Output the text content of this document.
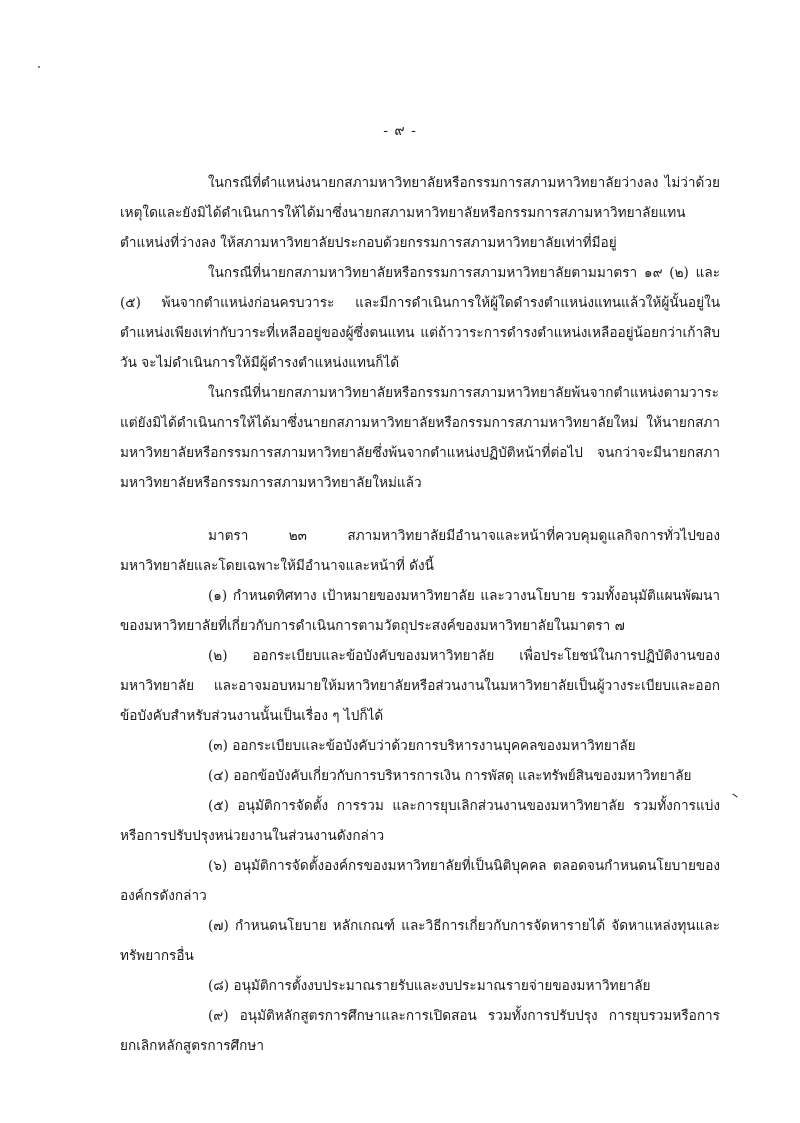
- ๙ -

ในกรณีที่ตำแหน่งนายกสภามหาวิทยาลัยหรือกรรมการสภามหาวิทยาลัยว่างลง ไม่ว่าด้วยเหตุใดและยังมิได้ดำเนินการให้ได้มาซึ่งนายกสภามหาวิทยาลัยหรือกรรมการสภามหาวิทยาลัยแทนตำแหน่งที่ว่างลง ให้สภามหาวิทยาลัยประกอบด้วยกรรมการสภามหาวิทยาลัยเท่าที่มีอยู่

ในกรณีที่นายกสภามหาวิทยาลัยหรือกรรมการสภามหาวิทยาลัยตามมาตรา ๑๙ (๒) และ (๕) พ้นจากตำแหน่งก่อนครบวาระ และมีการดำเนินการให้ผู้ใดดำรงตำแหน่งแทนแล้วให้ผู้นั้นอยู่ในตำแหน่งเพียงเท่ากับวาระที่เหลืออยู่ของผู้ซึ่งตนแทน แต่ถ้าวาระการดำรงตำแหน่งเหลืออยู่น้อยกว่าเก้าสิบวัน จะไม่ดำเนินการให้มีผู้ดำรงตำแหน่งแทนก็ได้

ในกรณีที่นายกสภามหาวิทยาลัยหรือกรรมการสภามหาวิทยาลัยพ้นจากตำแหน่งตามวาระแต่ยังมิได้ดำเนินการให้ได้มาซึ่งนายกสภามหาวิทยาลัยหรือกรรมการสภามหาวิทยาลัยใหม่ ให้นายกสภามหาวิทยาลัยหรือกรรมการสภามหาวิทยาลัยซึ่งพ้นจากตำแหน่งปฏิบัติหน้าที่ต่อไป จนกว่าจะมีนายกสภามหาวิทยาลัยหรือกรรมการสภามหาวิทยาลัยใหม่แล้ว

มาตรา ๒๓ สภามหาวิทยาลัยมีอำนาจและหน้าที่ควบคุมดูแลกิจการทั่วไปของมหาวิทยาลัยและโดยเฉพาะให้มีอำนาจและหน้าที่ ดังนี้

(๑) กำหนดทิศทาง เป้าหมายของมหาวิทยาลัย และวางนโยบาย รวมทั้งอนุมัติแผนพัฒนาของมหาวิทยาลัยที่เกี่ยวกับการดำเนินการตามวัตถุประสงค์ของมหาวิทยาลัยในมาตรา ๗

(๒) ออกระเบียบและข้อบังคับของมหาวิทยาลัย เพื่อประโยชน์ในการปฏิบัติงานของมหาวิทยาลัย และอาจมอบหมายให้มหาวิทยาลัยหรือส่วนงานในมหาวิทยาลัยเป็นผู้วางระเบียบและออกข้อบังคับสำหรับส่วนงานนั้นเป็นเรื่อง ๆ ไปก็ได้

(๓) ออกระเบียบและข้อบังคับว่าด้วยการบริหารงานบุคคลของมหาวิทยาลัย

(๔) ออกข้อบังคับเกี่ยวกับการบริหารการเงิน การพัสดุ และทรัพย์สินของมหาวิทยาลัย

(๕) อนุมัติการจัดตั้ง การรวม และการยุบเลิกส่วนงานของมหาวิทยาลัย รวมทั้งการแบ่งหรือการปรับปรุงหน่วยงานในส่วนงานดังกล่าว

(๖) อนุมัติการจัดตั้งองค์กรของมหาวิทยาลัยที่เป็นนิติบุคคล ตลอดจนกำหนดนโยบายขององค์กรดังกล่าว

(๗) กำหนดนโยบาย หลักเกณฑ์ และวิธีการเกี่ยวกับการจัดหารายได้ จัดหาแหล่งทุนและทรัพยากรอื่น

(๘) อนุมัติการตั้งงบประมาณรายรับและงบประมาณรายจ่ายของมหาวิทยาลัย

(๙) อนุมัติหลักสูตรการศึกษาและการเปิดสอน รวมทั้งการปรับปรุง การยุบรวมหรือการยกเลิกหลักสูตรการศึกษา
